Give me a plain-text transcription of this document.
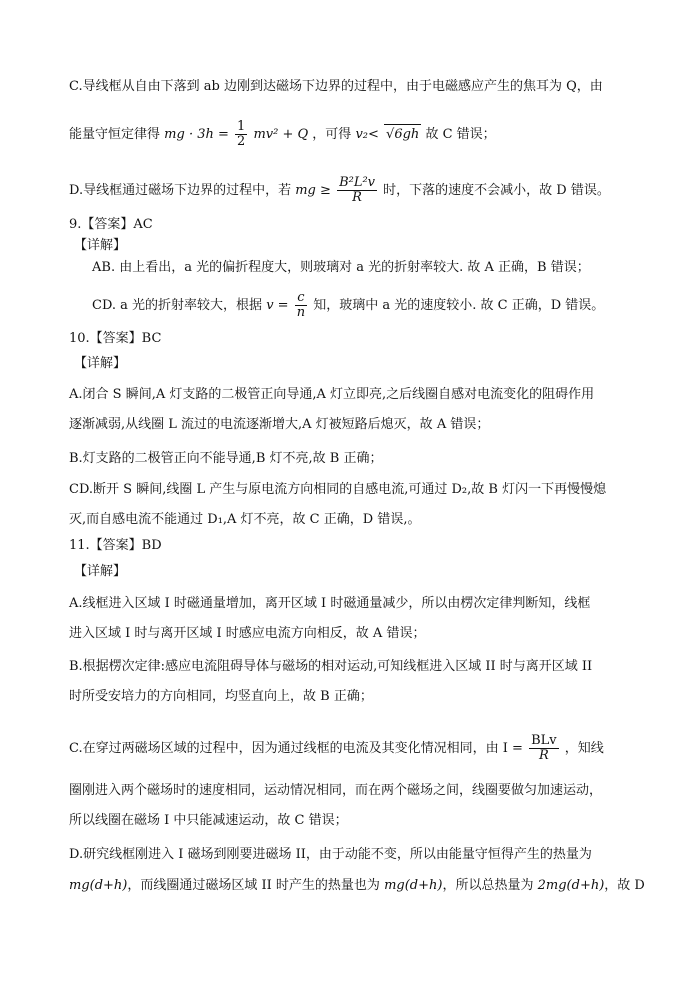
C.导线框从自由下落到 ab 边刚到达磁场下边界的过程中，由于电磁感应产生的焦耳为 Q，由
能量守恒定律得 mg · $3h = \frac{1}{2} mv^2 + Q$ ，可得 v₂< √6gh 故 C 错误；
D.导线框通过磁场下边界的过程中，若 mg ≥ $\frac{\text{B²L²v}}{R}$ 时，下落的速度不会减小，故 D 错误。
9.【答案】AC
【详解】
AB. 由上看出，a 光的偏折程度大，则玻璃对 a 光的折射率较大. 故 A 正确，B 错误；
CD. a 光的折射率较大，根据 $v = \frac{c}{n}$ 知，玻璃中 a 光的速度较小. 故 C 正确，D 错误。
10.【答案】BC
【详解】
A.闭合 S 瞬间,A 灯支路的二极管正向导通,A 灯立即亮,之后线圈自感对电流变化的阻碍作用
逐渐减弱,从线圈 L 流过的电流逐渐增大,A 灯被短路后熄灭，故 A 错误；
B.灯支路的二极管正向不能导通,B 灯不亮,故 B 正确；
CD.断开 S 瞬间,线圈 L 产生与原电流方向相同的自感电流,可通过 D₂,故 B 灯闪一下再慢慢熄
灭,而自感电流不能通过 D₁,A 灯不亮，故 C 正确，D 错误,。
11.【答案】BD
【详解】
A.线框进入区域 I 时磁通量增加，离开区域 I 时磁通量减少，所以由楞次定律判断知，线框
进入区域 I 时与离开区域 I 时感应电流方向相反，故 A 错误；
B.根据楞次定律:感应电流阻碍导体与磁场的相对运动,可知线框进入区域 II 时与离开区域 II
时所受安培力的方向相同，均竖直向上，故 B 正确；
C.在穿过两磁场区域的过程中，因为通过线框的电流及其变化情况相同，由 $I = \frac{\text{BLv}}{R}$ ，知线
圈刚进入两个磁场时的速度相同，运动情况相同，而在两个磁场之间，线圈要做匀加速运动，
所以线圈在磁场 I 中只能减速运动，故 C 错误；
D.研究线框刚进入 I 磁场到刚要进磁场 II，由于动能不变，所以由能量守恒得产生的热量为
mg(d+h)，而线圈通过磁场区域 II 时产生的热量也为 mg(d+h)，所以总热量为 2mg(d+h)，故 D
